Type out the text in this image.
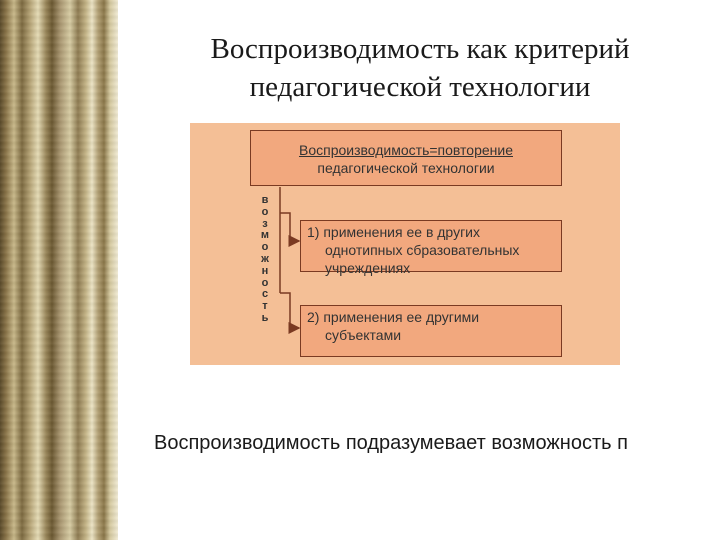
Воспроизводимость как критерий
педагогической технологии
Воспроизводимость=повторение
педагогической технологии
в
о
з
м
о
ж
н
о
с
т
ь
1) применения ее в других
однотипных сбразовательных
учреждениях
2) применения ее другими
субъектами
Воспроизводимость подразумевает возможность п
